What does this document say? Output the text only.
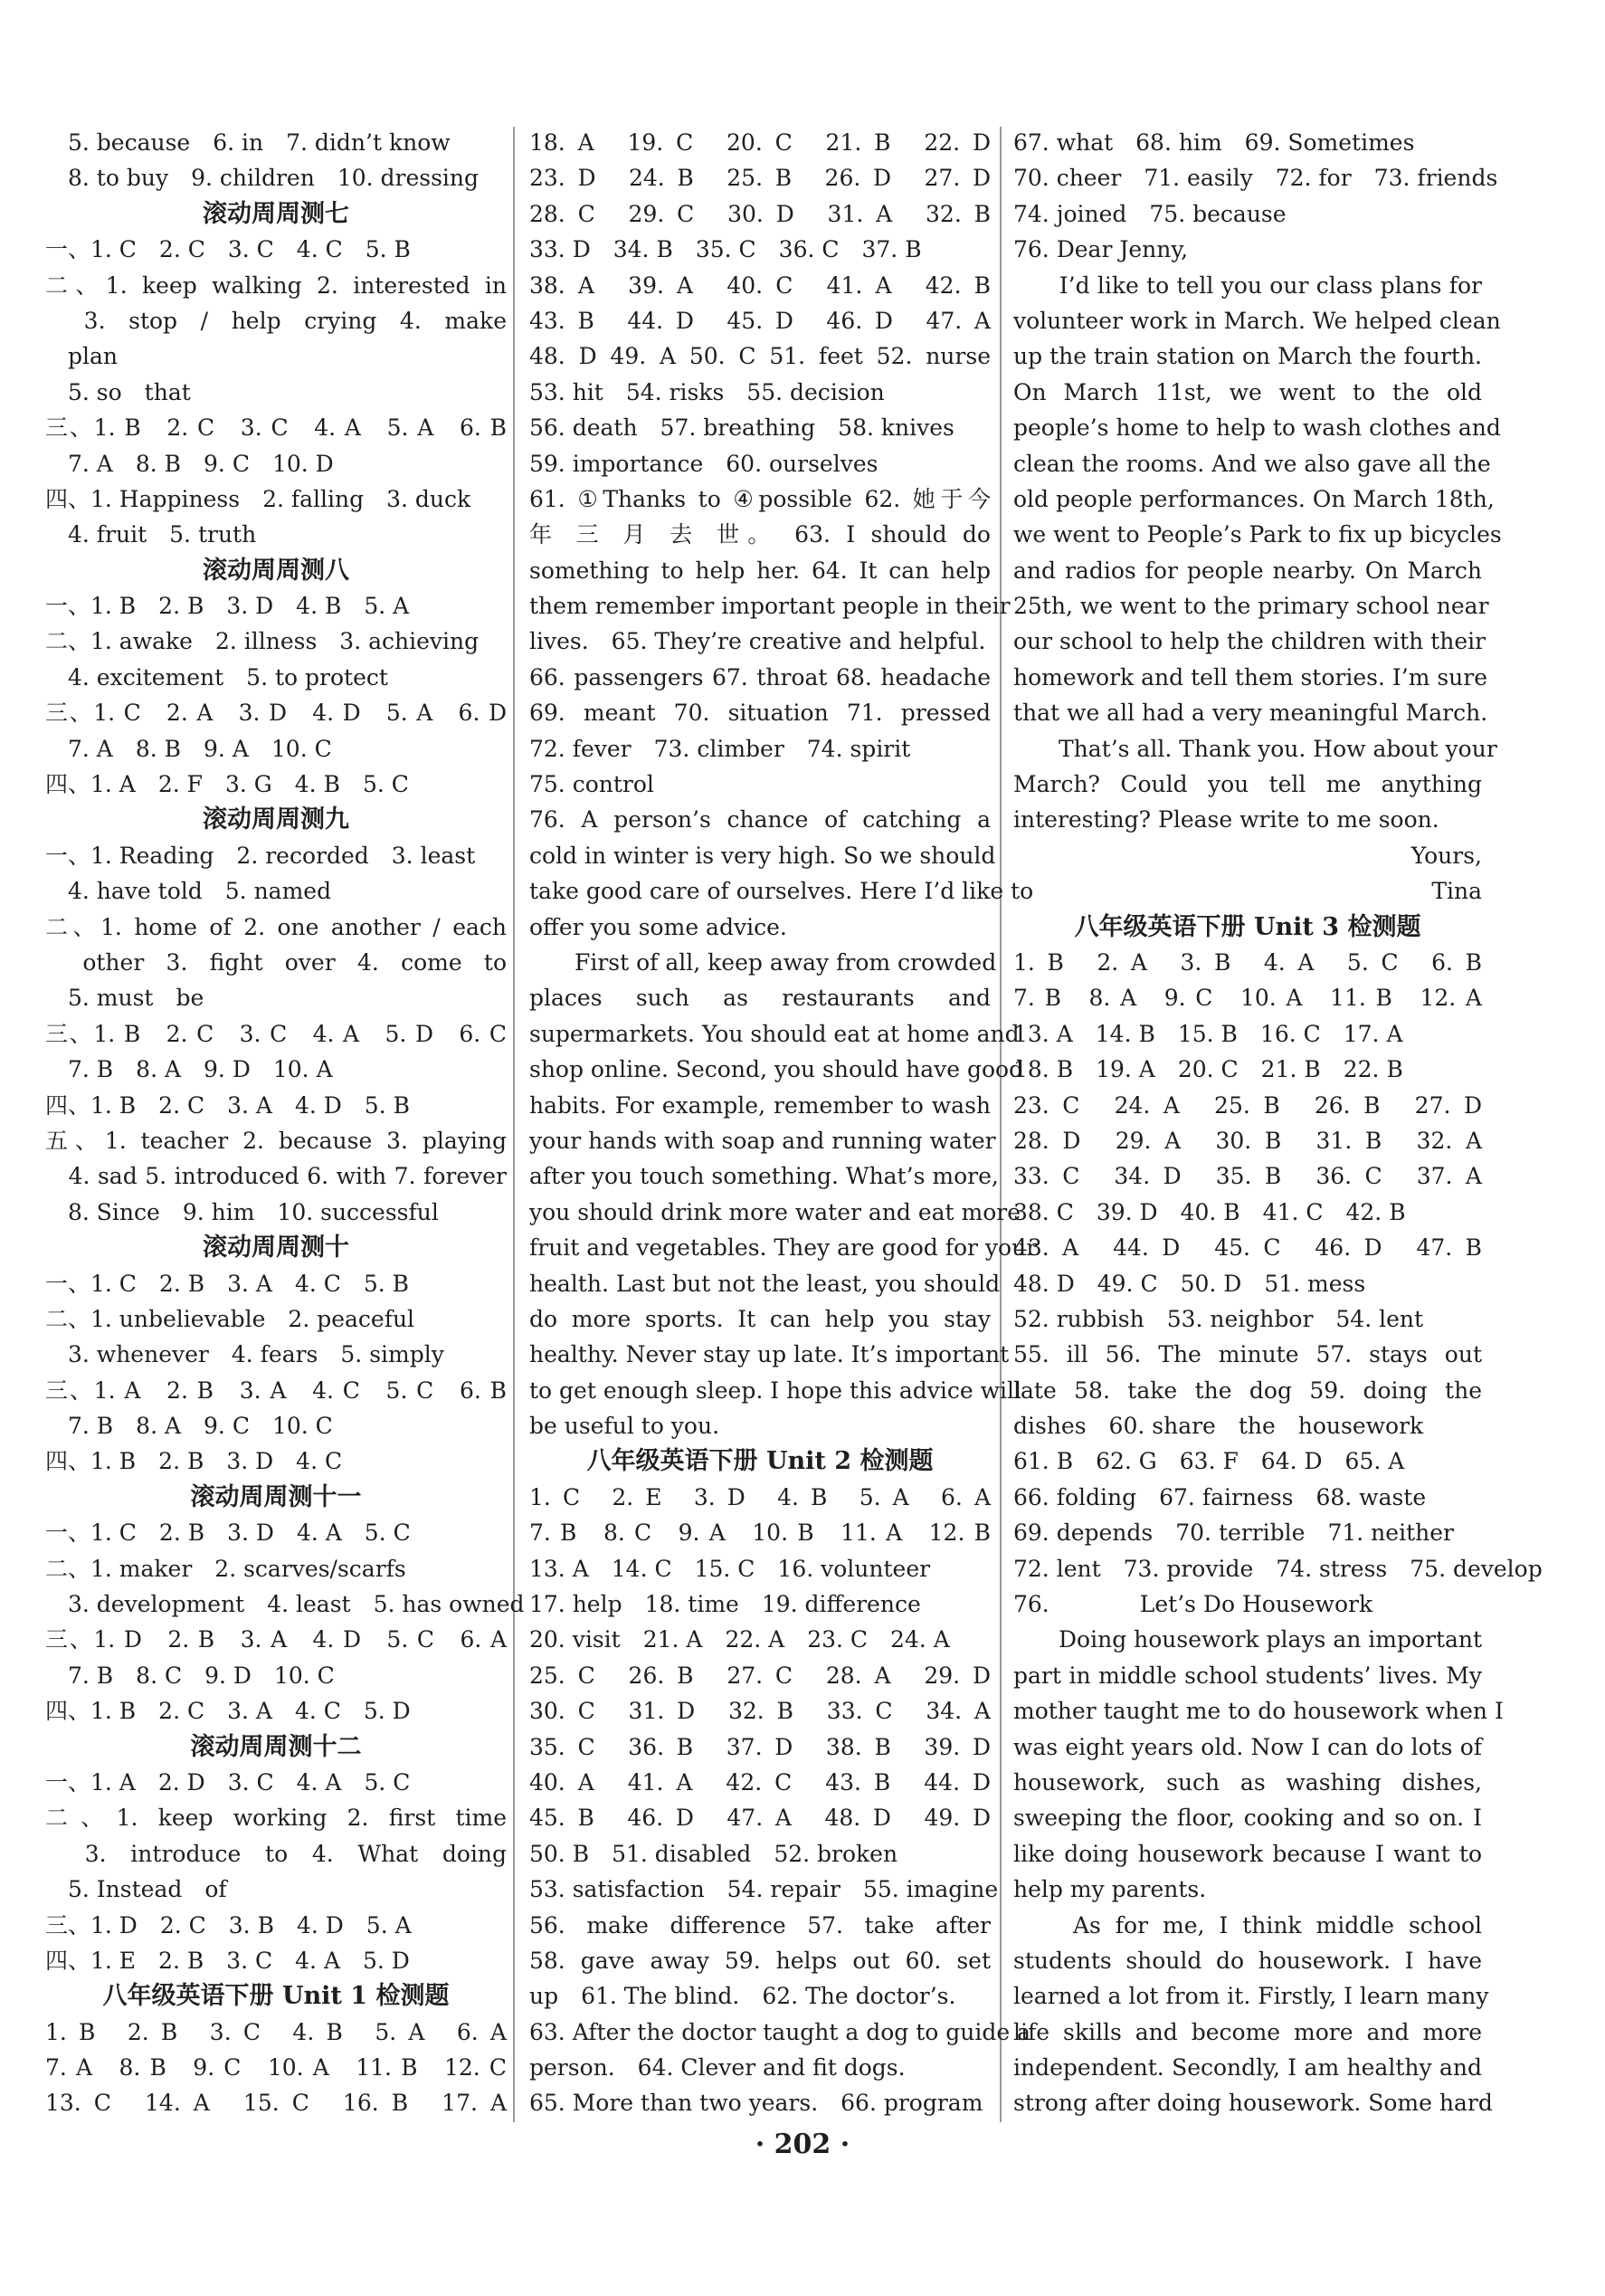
　5. because　6. in　7. didn’t know
　8. to buy　9. children　10. dressing
滚动周周测七
一、1. C　2. C　3. C　4. C　5. B
二、1. keep walking 2. interested in
　3. stop / help crying 4. make
　plan
　5. so　that
三、1. B　2. C　3. C　4. A　5. A　6. B
　7. A　8. B　9. C　10. D
四、1. Happiness　2. falling　3. duck
　4. fruit　5. truth
滚动周周测八
一、1. B　2. B　3. D　4. B　5. A
二、1. awake　2. illness　3. achieving
　4. excitement　5. to protect
三、1. C　2. A　3. D　4. D　5. A　6. D
　7. A　8. B　9. A　10. C
四、1. A　2. F　3. G　4. B　5. C
滚动周周测九
一、1. Reading　2. recorded　3. least
　4. have told　5. named
二、1. home of 2. one another / each
　other 3. fight over 4. come to
　5. must　be
三、1. B　2. C　3. C　4. A　5. D　6. C
　7. B　8. A　9. D　10. A
四、1. B　2. C　3. A　4. D　5. B
五、1. teacher 2. because 3. playing
　4. sad 5. introduced 6. with 7. forever
　8. Since　9. him　10. successful
滚动周周测十
一、1. C　2. B　3. A　4. C　5. B
二、1. unbelievable　2. peaceful
　3. whenever　4. fears　5. simply
三、1. A　2. B　3. A　4. C　5. C　6. B
　7. B　8. A　9. C　10. C
四、1. B　2. B　3. D　4. C
滚动周周测十一
一、1. C　2. B　3. D　4. A　5. C
二、1. maker　2. scarves/scarfs
　3. development　4. least　5. has owned
三、1. D　2. B　3. A　4. D　5. C　6. A
　7. B　8. C　9. D　10. C
四、1. B　2. C　3. A　4. C　5. D
滚动周周测十二
一、1. A　2. D　3. C　4. A　5. C
二、1. keep working 2. first time
　3. introduce to 4. What doing
　5. Instead　of
三、1. D　2. C　3. B　4. D　5. A
四、1. E　2. B　3. C　4. A　5. D
八年级英语下册 Unit 1 检测题
1. B　2. B　3. C　4. B　5. A　6. A
7. A　8. B　9. C　10. A　11. B　12. C
13. C　14. A　15. C　16. B　17. A
18. A　19. C　20. C　21. B　22. D
23. D　24. B　25. B　26. D　27. D
28. C　29. C　30. D　31. A　32. B
33. D　34. B　35. C　36. C　37. B
38. A　39. A　40. C　41. A　42. B
43. B　44. D　45. D　46. D　47. A
48. D 49. A 50. C 51. feet 52. nurse
53. hit　54. risks　55. decision
56. death　57. breathing　58. knives
59. importance　60. ourselves
61. ①Thanks to ④possible 62. 她于今
年 三 月 去 世。 63. I should do
something to help her. 64. It can help
them remember important people in their
lives.　65. They’re creative and helpful.
66. passengers 67. throat 68. headache
69. meant 70. situation 71. pressed
72. fever　73. climber　74. spirit
75. control
76. A person’s chance of catching a
cold in winter is very high. So we should
take good care of ourselves. Here I’d like to
offer you some advice.
　　First of all, keep away from crowded
places such as restaurants and
supermarkets. You should eat at home and
shop online. Second, you should have good
habits. For example, remember to wash
your hands with soap and running water
after you touch something. What’s more,
you should drink more water and eat more
fruit and vegetables. They are good for your
health. Last but not the least, you should
do more sports. It can help you stay
healthy. Never stay up late. It’s important
to get enough sleep. I hope this advice will
be useful to you.
八年级英语下册 Unit 2 检测题
1. C　2. E　3. D　4. B　5. A　6. A
7. B　8. C　9. A　10. B　11. A　12. B
13. A　14. C　15. C　16. volunteer
17. help　18. time　19. difference
20. visit　21. A　22. A　23. C　24. A
25. C　26. B　27. C　28. A　29. D
30. C　31. D　32. B　33. C　34. A
35. C　36. B　37. D　38. B　39. D
40. A　41. A　42. C　43. B　44. D
45. B　46. D　47. A　48. D　49. D
50. B　51. disabled　52. broken
53. satisfaction　54. repair　55. imagine
56. make difference 57. take after
58. gave away 59. helps out 60. set
up　61. The blind.　62. The doctor’s.
63. After the doctor taught a dog to guide a
person.　64. Clever and fit dogs.
65. More than two years.　66. program
67. what　68. him　69. Sometimes
70. cheer　71. easily　72. for　73. friends
74. joined　75. because
76. Dear Jenny,
　　I’d like to tell you our class plans for
volunteer work in March. We helped clean
up the train station on March the fourth.
On March 11st, we went to the old
people’s home to help to wash clothes and
clean the rooms. And we also gave all the
old people performances. On March 18th,
we went to People’s Park to fix up bicycles
and radios for people nearby. On March
25th, we went to the primary school near
our school to help the children with their
homework and tell them stories. I’m sure
that we all had a very meaningful March.
　　That’s all. Thank you. How about your
March? Could you tell me anything
interesting? Please write to me soon.
Yours,　　
Tina
八年级英语下册 Unit 3 检测题
1. B　2. A　3. B　4. A　5. C　6. B
7. B　8. A　9. C　10. A　11. B　12. A
13. A　14. B　15. B　16. C　17. A
18. B　19. A　20. C　21. B　22. B
23. C　24. A　25. B　26. B　27. D
28. D　29. A　30. B　31. B　32. A
33. C　34. D　35. B　36. C　37. A
38. C　39. D　40. B　41. C　42. B
43. A　44. D　45. C　46. D　47. B
48. D　49. C　50. D　51. mess
52. rubbish　53. neighbor　54. lent
55. ill 56. The minute 57. stays out
late 58. take the dog 59. doing the
dishes　60. share　the　housework
61. B　62. G　63. F　64. D　65. A
66. folding　67. fairness　68. waste
69. depends　70. terrible　71. neither
72. lent　73. provide　74. stress　75. develop
76.　　　　Let’s Do Housework
　　Doing housework plays an important
part in middle school students’ lives. My
mother taught me to do housework when I
was eight years old. Now I can do lots of
housework, such as washing dishes,
sweeping the floor, cooking and so on. I
like doing housework because I want to
help my parents.
　　As for me, I think middle school
students should do housework. I have
learned a lot from it. Firstly, I learn many
life skills and become more and more
independent. Secondly, I am healthy and
strong after doing housework. Some hard
· 202 ·
